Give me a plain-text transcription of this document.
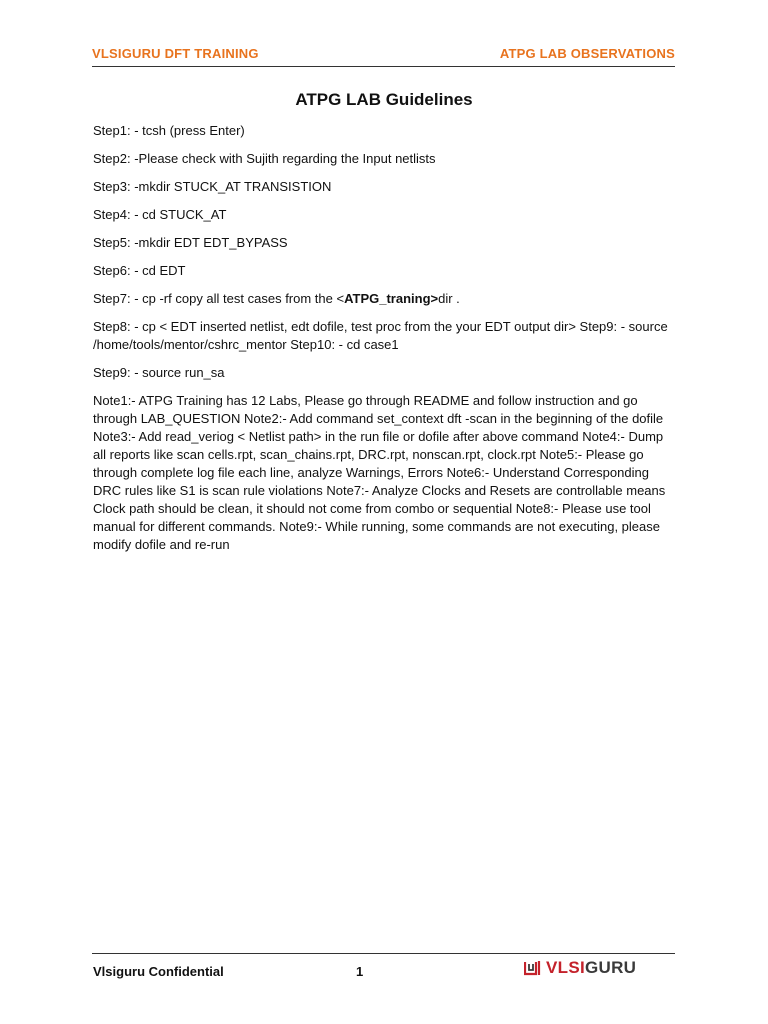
VLSIGURU DFT TRAINING	ATPG LAB OBSERVATIONS
ATPG LAB Guidelines

Step1: - tcsh (press Enter)

Step2: -Please check with Sujith regarding the Input netlists

Step3: -mkdir STUCK_AT TRANSISTION

Step4: - cd STUCK_AT

Step5: -mkdir EDT EDT_BYPASS

Step6: - cd EDT

Step7: - cp -rf copy all test cases from the <ATPG_traning>dir .

Step8: - cp < EDT inserted netlist, edt dofile, test proc from the your EDT output dir> Step9: - source /home/tools/mentor/cshrc_mentor Step10: - cd case1

Step9: - source run_sa

Note1:- ATPG Training has 12 Labs, Please go through README and follow instruction and go through LAB_QUESTION Note2:- Add command set_context dft -scan in the beginning of the dofile Note3:- Add read_veriog < Netlist path> in the run file or dofile after above command Note4:- Dump all reports like scan cells.rpt, scan_chains.rpt, DRC.rpt, nonscan.rpt, clock.rpt Note5:- Please go through complete log file each line, analyze Warnings, Errors Note6:- Understand Corresponding DRC rules like S1 is scan rule violations Note7:- Analyze Clocks and Resets are controllable means Clock path should be clean, it should not come from combo or sequential Note8:- Please use tool manual for different commands. Note9:- While running, some commands are not executing, please modify dofile and re-run

Vlsiguru Confidential	1	VLSIGURU
